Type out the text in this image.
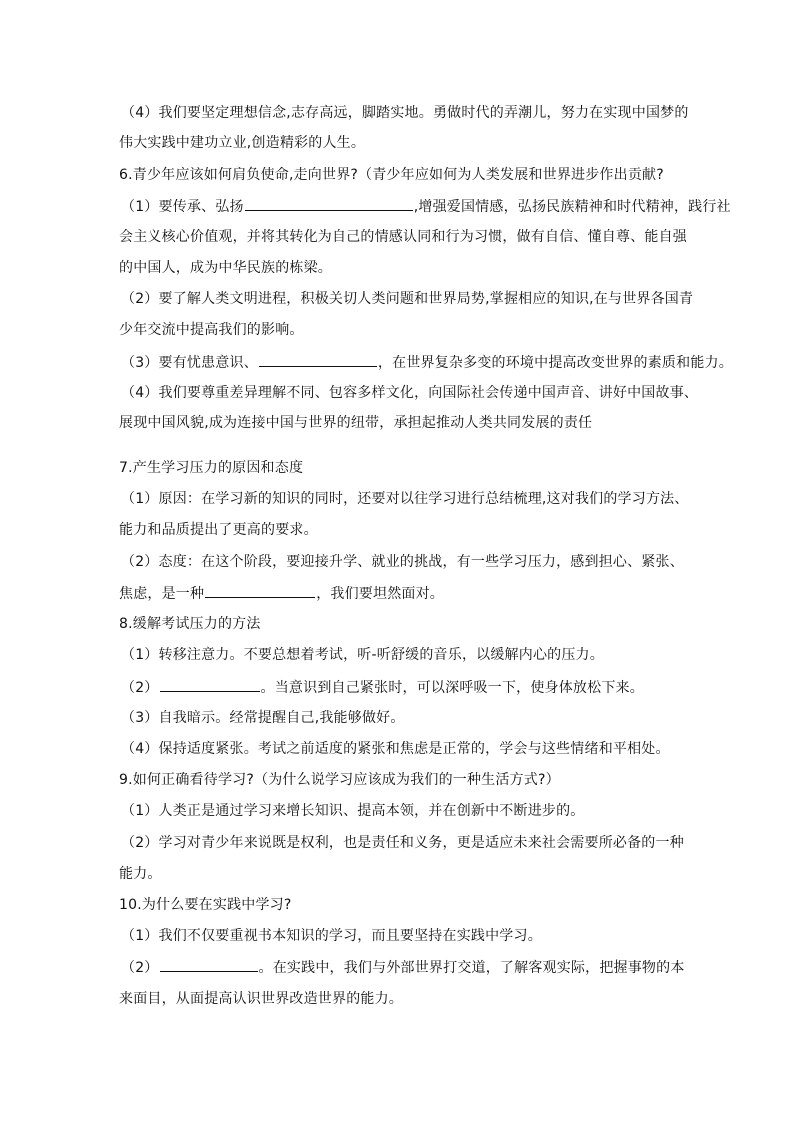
（4）我们要坚定理想信念,志存高远，脚踏实地。勇做时代的弄潮儿，努力在实现中国梦的
伟大实践中建功立业,创造精彩的人生。
6.青少年应该如何肩负使命,走向世界?（青少年应如何为人类发展和世界进步作出贡献?
（1）要传承、弘扬	,增强爱国情感，弘扬民族精神和时代精神，践行社
会主义核心价值观，并将其转化为自己的情感认同和行为习惯，做有自信、懂自尊、能自强
的中国人，成为中华民族的栋梁。
（2）要了解人类文明进程，积极关切人类问题和世界局势,掌握相应的知识,在与世界各国青
少年交流中提高我们的影响。
（3）要有忧患意识、	，在世界复杂多变的环境中提高改变世界的素质和能力。
（4）我们要尊重差异理解不同、包容多样文化，向国际社会传递中国声音、讲好中国故事、
展现中国风貌,成为连接中国与世界的纽带，承担起推动人类共同发展的责任
7.产生学习压力的原因和态度
（1）原因：在学习新的知识的同时，还要对以往学习进行总结梳理,这对我们的学习方法、
能力和品质提出了更高的要求。
（2）态度：在这个阶段，要迎接升学、就业的挑战，有一些学习压力，感到担心、紧张、
焦虑，是一种	，我们要坦然面对。
8.缓解考试压力的方法
（1）转移注意力。不要总想着考试，听-听舒缓的音乐，以缓解内心的压力。
（2）	。当意识到自己紧张时，可以深呼吸一下，使身体放松下来。
（3）自我暗示。经常提醒自己,我能够做好。
（4）保持适度紧张。考试之前适度的紧张和焦虑是正常的，学会与这些情绪和平相处。
9.如何正确看待学习?（为什么说学习应该成为我们的一种生活方式?）
（1）人类正是通过学习来增长知识、提高本领，并在创新中不断进步的。
（2）学习对青少年来说既是权利，也是责任和义务，更是适应未来社会需要所必备的一种
能力。
10.为什么要在实践中学习?
（1）我们不仅要重视书本知识的学习，而且要坚持在实践中学习。
（2）	。在实践中，我们与外部世界打交道，了解客观实际，把握事物的本
来面目，从面提高认识世界改造世界的能力。
